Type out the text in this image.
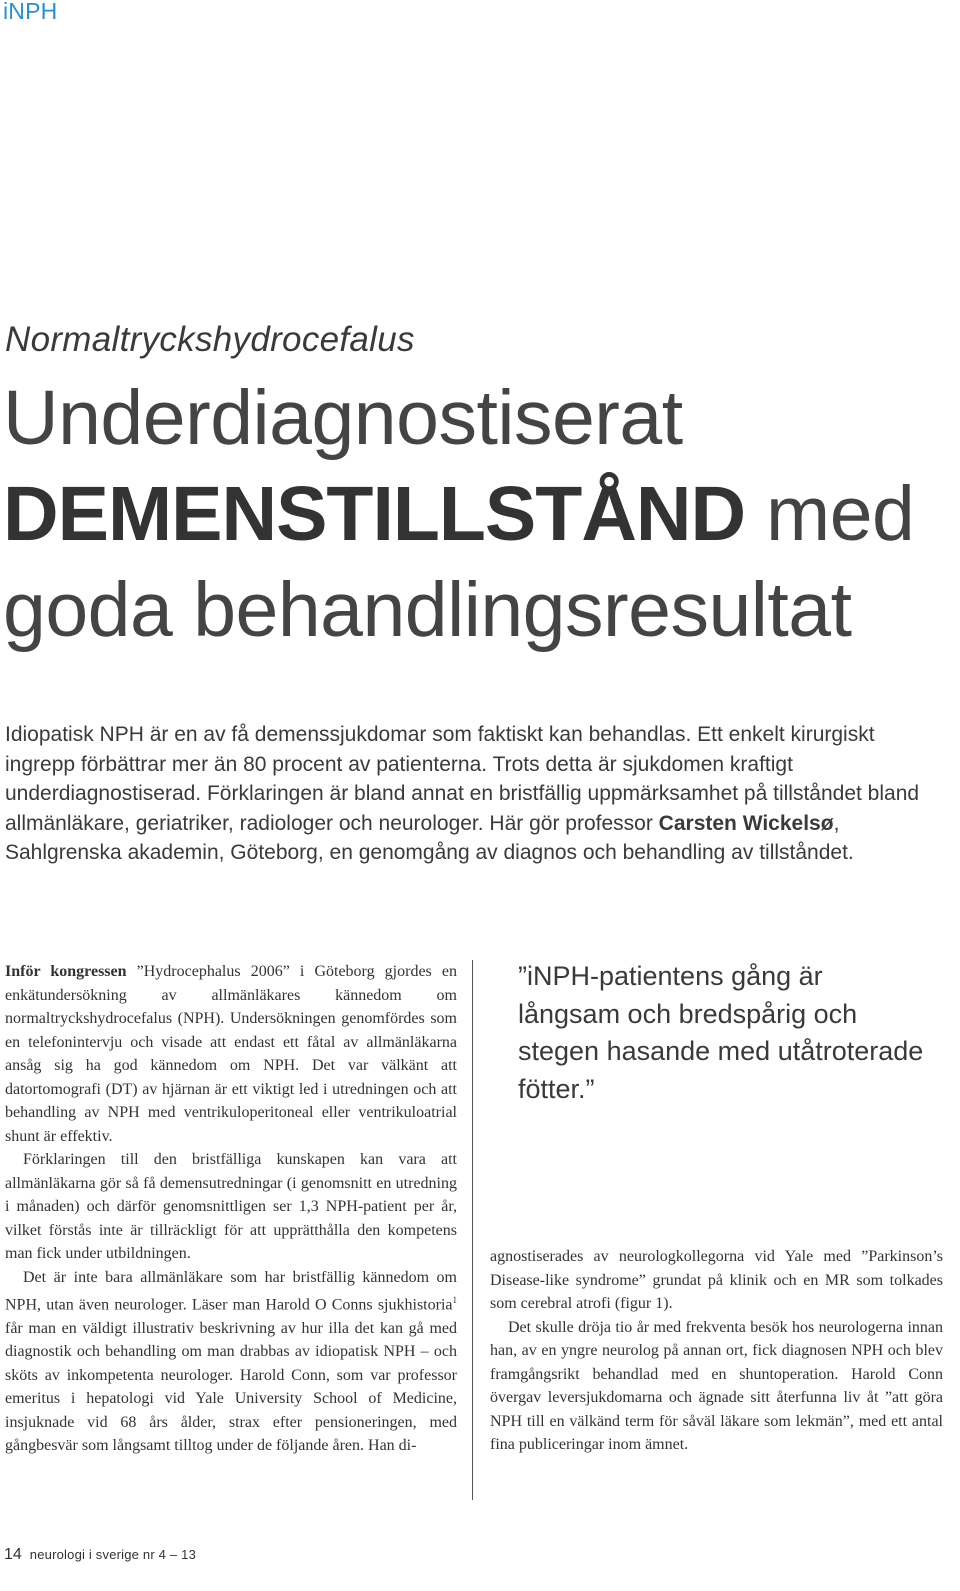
iNPH
Normaltryckshydrocefalus
Underdiagnostiserat
DEMENSTILLSTÅND med
goda behandlingsresultat
Idiopatisk NPH är en av få demenssjukdomar som faktiskt kan behandlas. Ett enkelt kirurgiskt ingrepp förbättrar mer än 80 procent av patienterna. Trots detta är sjukdomen kraftigt underdiagnostiserad. Förklaringen är bland annat en bristfällig uppmärksamhet på tillståndet bland allmänläkare, geriatriker, radiologer och neurologer. Här gör professor Carsten Wickelsø, Sahlgrenska akademin, Göteborg, en genomgång av diagnos och behandling av tillståndet.

Inför kongressen ”Hydrocephalus 2006” i Göteborg gjordes en enkätundersökning av allmänläkares kännedom om normaltryckshydrocefalus (NPH). Undersökningen genomfördes som en telefonintervju och visade att endast ett fåtal av allmänläkarna ansåg sig ha god kännedom om NPH. Det var välkänt att datortomografi (DT) av hjärnan är ett viktigt led i utredningen och att behandling av NPH med ventrikuloperitoneal eller ventrikuloatrial shunt är effektiv.

Förklaringen till den bristfälliga kunskapen kan vara att allmänläkarna gör så få demensutredningar (i genomsnitt en utredning i månaden) och därför genomsnittligen ser 1,3 NPH-patient per år, vilket förstås inte är tillräckligt för att upprätthålla den kompetens man fick under utbildningen.

Det är inte bara allmänläkare som har bristfällig kännedom om NPH, utan även neurologer. Läser man Harold O Conns sjukhistoria$^1$ får man en väldigt illustrativ beskrivning av hur illa det kan gå med diagnostik och behandling om man drabbas av idiopatisk NPH – och sköts av inkompetenta neurologer. Harold Conn, som var professor emeritus i hepatologi vid Yale University School of Medicine, insjuknade vid 68 års ålder, strax efter pensioneringen, med gångbesvär som långsamt tilltog under de följande åren. Han di-

”iNPH-patientens gång är långsam och bredspårig och stegen hasande med utåtroterade fötter.”

agnostiserades av neurologkollegorna vid Yale med ”Parkinson’s Disease-like syndrome” grundat på klinik och en MR som tolkades som cerebral atrofi (figur 1).

Det skulle dröja tio år med frekventa besök hos neurologerna innan han, av en yngre neurolog på annan ort, fick diagnosen NPH och blev framgångsrikt behandlad med en shuntoperation. Harold Conn övergav leversjukdomarna och ägnade sitt återfunna liv åt ”att göra NPH till en välkänd term för såväl läkare som lekmän”, med ett antal fina publiceringar inom ämnet.

14 neurologi i sverige nr 4 – 13
